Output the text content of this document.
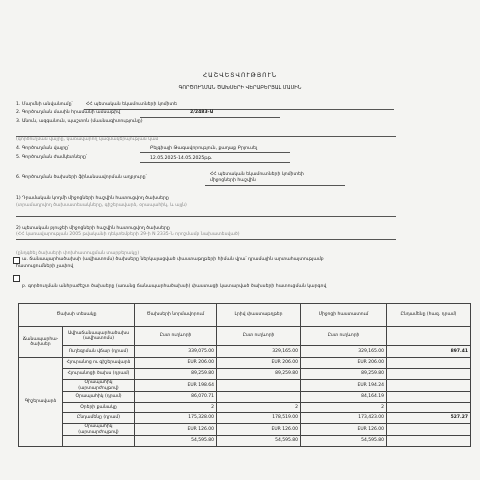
ՀԱՇՎԵՏՎՈՒԹՅՈՒՆ
ԳՈՐԾՈՒՂՄԱՆ ԾԱԽՍԵՐԻ ՎԵՐԱԲԵՐՅԱԼ ՄԱՍԻՆ
1. Մարմնի անվանումը՝	ՀՀ պետական եկամուտների կոմիտե
2. Գործուղման մասին հրամանի ամսաթիվ՝	2/2483-Ա
3. Անուն, ազգանուն, պաշտոն (մասնագիտությունը)
(գործուղման վայրը, կառավարող կազմակերպության կամ
4. Գործուղման վայրը՝	Բելգիայի Թագավորություն, քաղաք Բրյուսել
5. Գործուղման ժամկետները՝	12.05.2025-14.05.2025թթ.
6. Գործուղման ծախսերի ֆինանսավորման աղբյուրը՝
ՀՀ պետական եկամուտների կոմիտեի միջոցների հաշվին
1) Դրամական կողմի միջոցների հաշվին հատուցվող ծախսերը
(տրամադրվող ծախսատեսակները, գիշերավարձ, օրապահիկ, և այլն)
2) պետական բյուջեի միջոցների հաշվին հատուցվող ծախսերը
(ՀՀ կառավարության 2005 թվականի դեկտեմբերի 29-ի N 2335-Ն որոշմամբ նախատեսված)
(ընդգծել ծախսերի փոխհատուցման տարբերակը)
ա. ճանապարհածախսի (ավիատոմս) ծախսերը ներկայացված փաստաթղթերի հիման վրա՝ դրամային արտահայտությամբ
հատուցումների չափով
բ. գործուղման անհրաժեշտ ծախսերը (առանց ճանապարհածախսի) փաստացի կատարված ծախսերի հատուցման կարգով
Ծախսի տեսակը		Ծախսերի նորմավորում	Լրիվ փաստաթղթեր	Միջոցի հաստատում	Ընդամենը (հազ. դրամ)
Ճանապարհա-ծախսեր	Ավիաճանապարհածախս (ավիատոմս)	Ըստ ուղևորի	Ըստ ուղևորի	Ըստ ուղևորի	
	Ուղեգրման վճար (դրամ)	339,075.00	329,165.00	329,165.00	897.41
Գիշերավարձ	Հյուրանոց ու գիշերավարձ	EUR 206.00	EUR 206.00	EUR 206.00	
	Հյուրանոցի ծախս (դրամ)	89,259.80	89,259.80	89,259.80	
	Օրապահիկ (արտարժույթով)	EUR 198.64		EUR 194.24	
	Օրապահիկ (դրամ)	86,070.71		84,164.19	
	Օրերի քանակը	2	2	2	
	Ընդամենը (դրամ)	175,328.00	178,519.00	173,423.00	527.27
	Օրապահիկ (արտարժույթով)	EUR 126.00	EUR 126.00	EUR 126.00	
		54,595.80	54,595.80	54,595.80	
